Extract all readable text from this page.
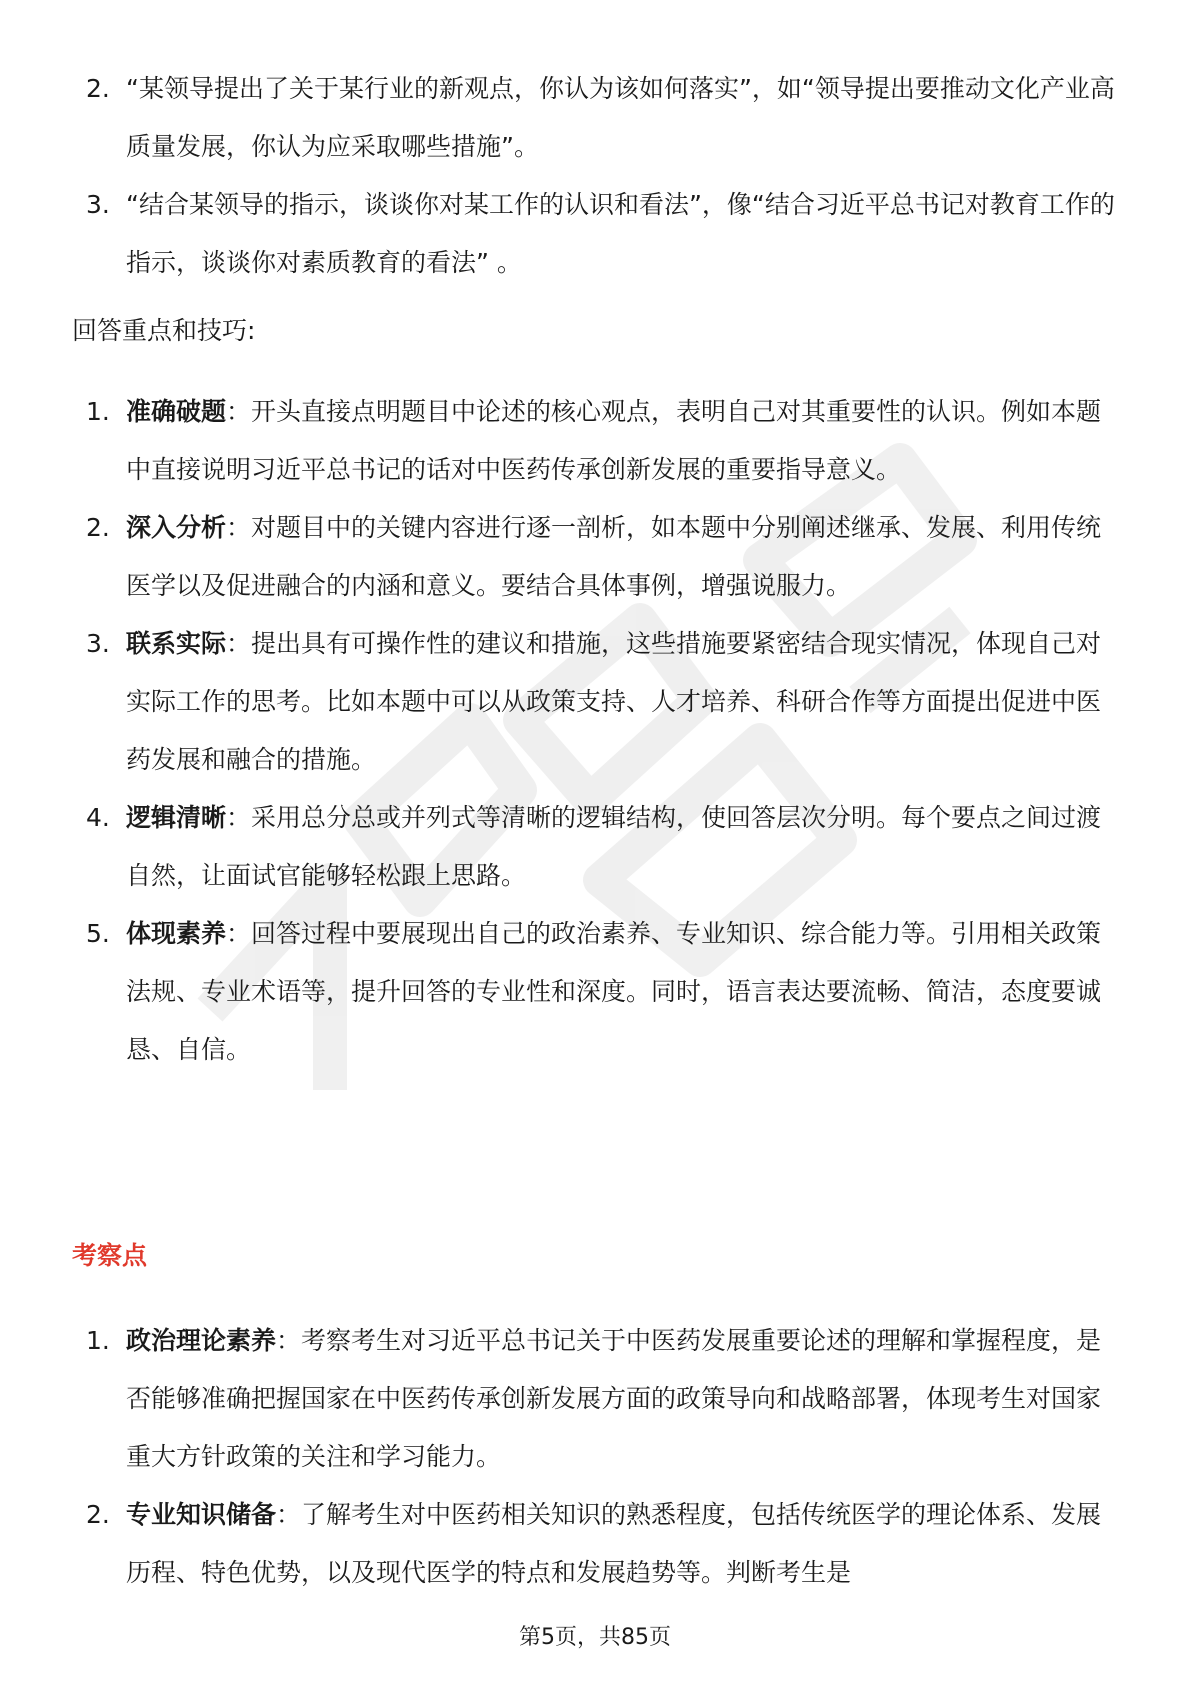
2. “某领导提出了关于某行业的新观点，你认为该如何落实”，如“领导提出要推动文化产业高质量发展，你认为应采取哪些措施”。
3. “结合某领导的指示，谈谈你对某工作的认识和看法”，像“结合习近平总书记对教育工作的指示，谈谈你对素质教育的看法” 。
回答重点和技巧:
1. 准确破题：开头直接点明题目中论述的核心观点，表明自己对其重要性的认识。例如本题中直接说明习近平总书记的话对中医药传承创新发展的重要指导意义。
2. 深入分析：对题目中的关键内容进行逐一剖析，如本题中分别阐述继承、发展、利用传统医学以及促进融合的内涵和意义。要结合具体事例，增强说服力。
3. 联系实际：提出具有可操作性的建议和措施，这些措施要紧密结合现实情况，体现自己对实际工作的思考。比如本题中可以从政策支持、人才培养、科研合作等方面提出促进中医药发展和融合的措施。
4. 逻辑清晰：采用总分总或并列式等清晰的逻辑结构，使回答层次分明。每个要点之间过渡自然，让面试官能够轻松跟上思路。
5. 体现素养：回答过程中要展现出自己的政治素养、专业知识、综合能力等。引用相关政策法规、专业术语等，提升回答的专业性和深度。同时，语言表达要流畅、简洁，态度要诚恳、自信。
考察点
1. 政治理论素养：考察考生对习近平总书记关于中医药发展重要论述的理解和掌握程度，是否能够准确把握国家在中医药传承创新发展方面的政策导向和战略部署，体现考生对国家重大方针政策的关注和学习能力。
2. 专业知识储备：了解考生对中医药相关知识的熟悉程度，包括传统医学的理论体系、发展历程、特色优势，以及现代医学的特点和发展趋势等。判断考生是
第5页，共85页
